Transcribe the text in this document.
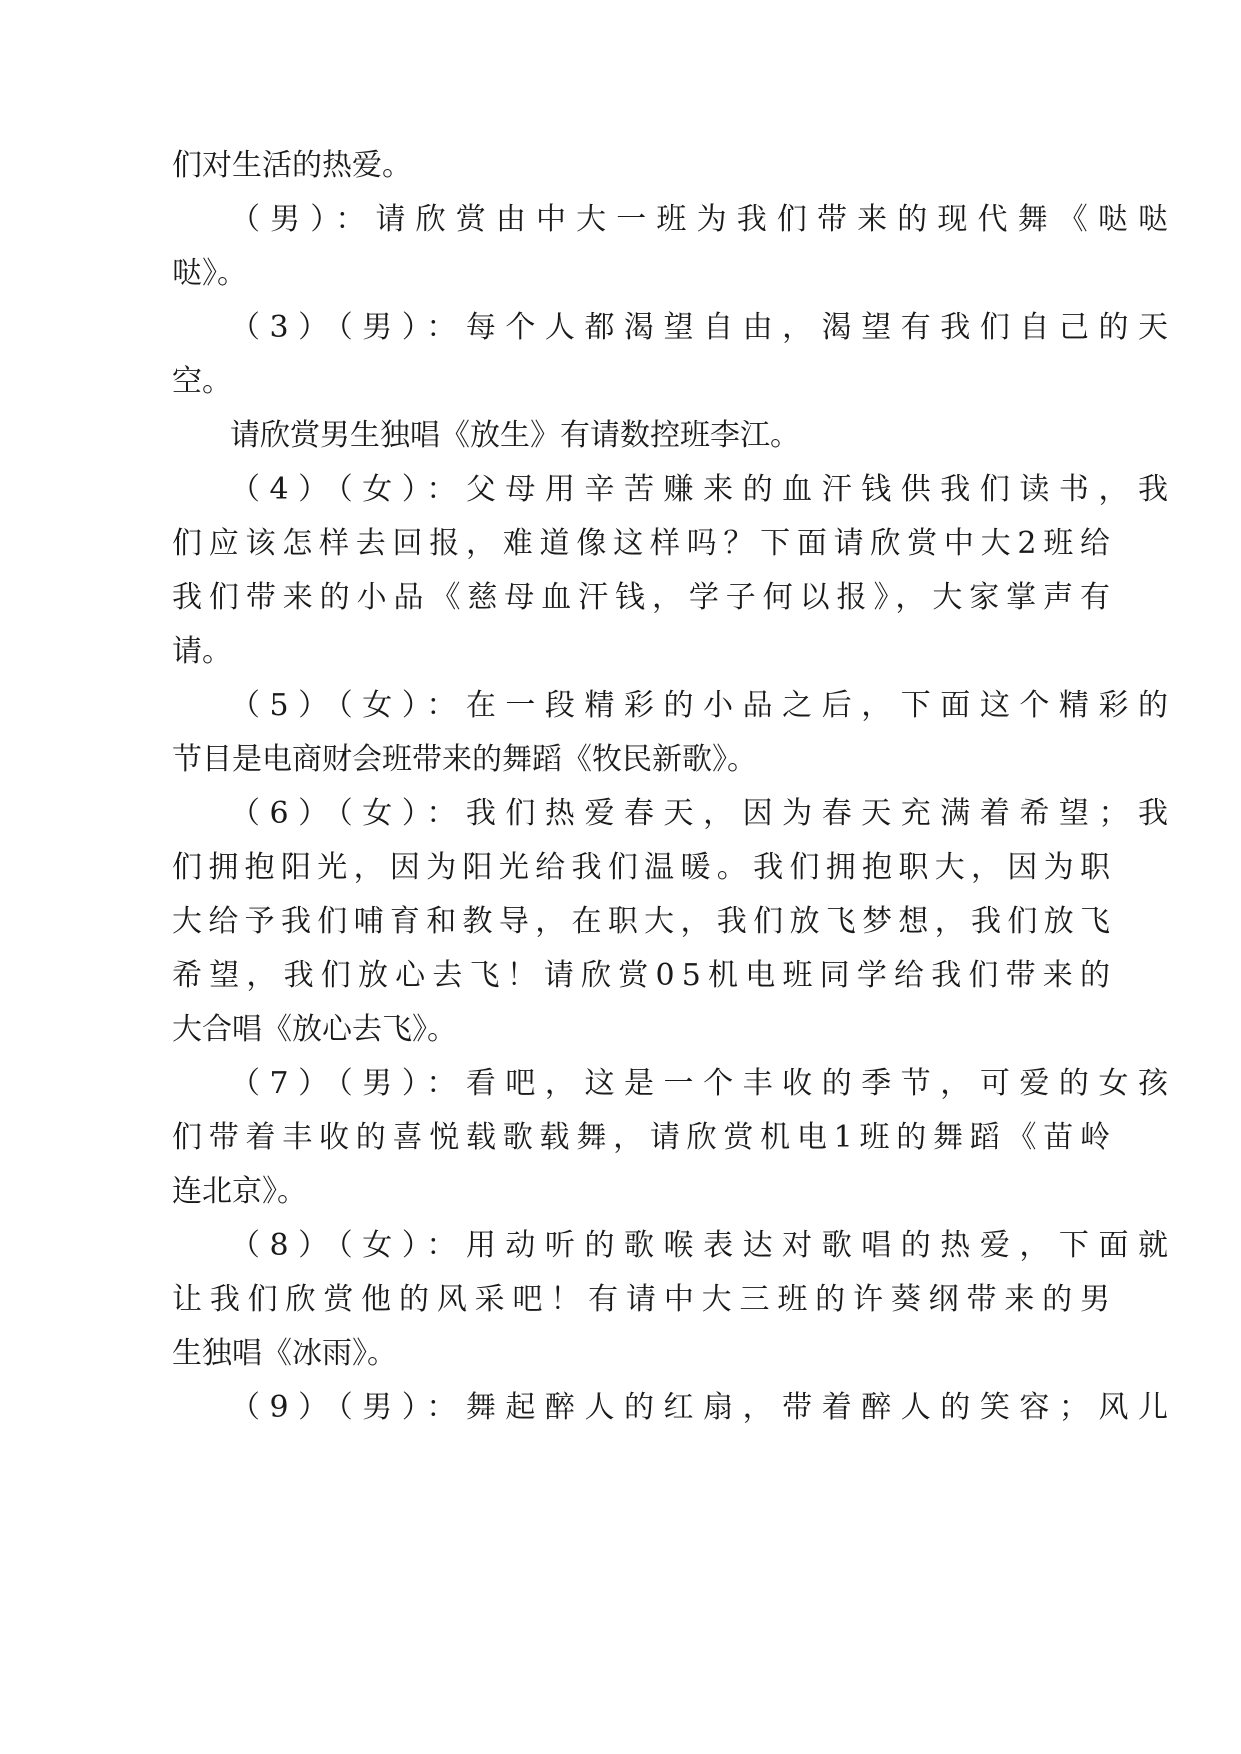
们对生活的热爱。
（男）：请欣赏由中大一班为我们带来的现代舞《哒哒
哒》。
（3）（男）：每个人都渴望自由，渴望有我们自己的天
空。
请欣赏男生独唱《放生》有请数控班李江。
（4）（女）：父母用辛苦赚来的血汗钱供我们读书，我
们应该怎样去回报，难道像这样吗？下面请欣赏中大2班给
我们带来的小品《慈母血汗钱，学子何以报》，大家掌声有
请。
（5）（女）：在一段精彩的小品之后，下面这个精彩的
节目是电商财会班带来的舞蹈《牧民新歌》。
（6）（女）：我们热爱春天，因为春天充满着希望；我
们拥抱阳光，因为阳光给我们温暖。我们拥抱职大，因为职
大给予我们哺育和教导，在职大，我们放飞梦想，我们放飞
希望，我们放心去飞！请欣赏05机电班同学给我们带来的
大合唱《放心去飞》。
（7）（男）：看吧，这是一个丰收的季节，可爱的女孩
们带着丰收的喜悦载歌载舞，请欣赏机电1班的舞蹈《苗岭
连北京》。
（8）（女）：用动听的歌喉表达对歌唱的热爱，下面就
让我们欣赏他的风采吧！有请中大三班的许葵纲带来的男
生独唱《冰雨》。
（9）（男）：舞起醉人的红扇，带着醉人的笑容；风儿
